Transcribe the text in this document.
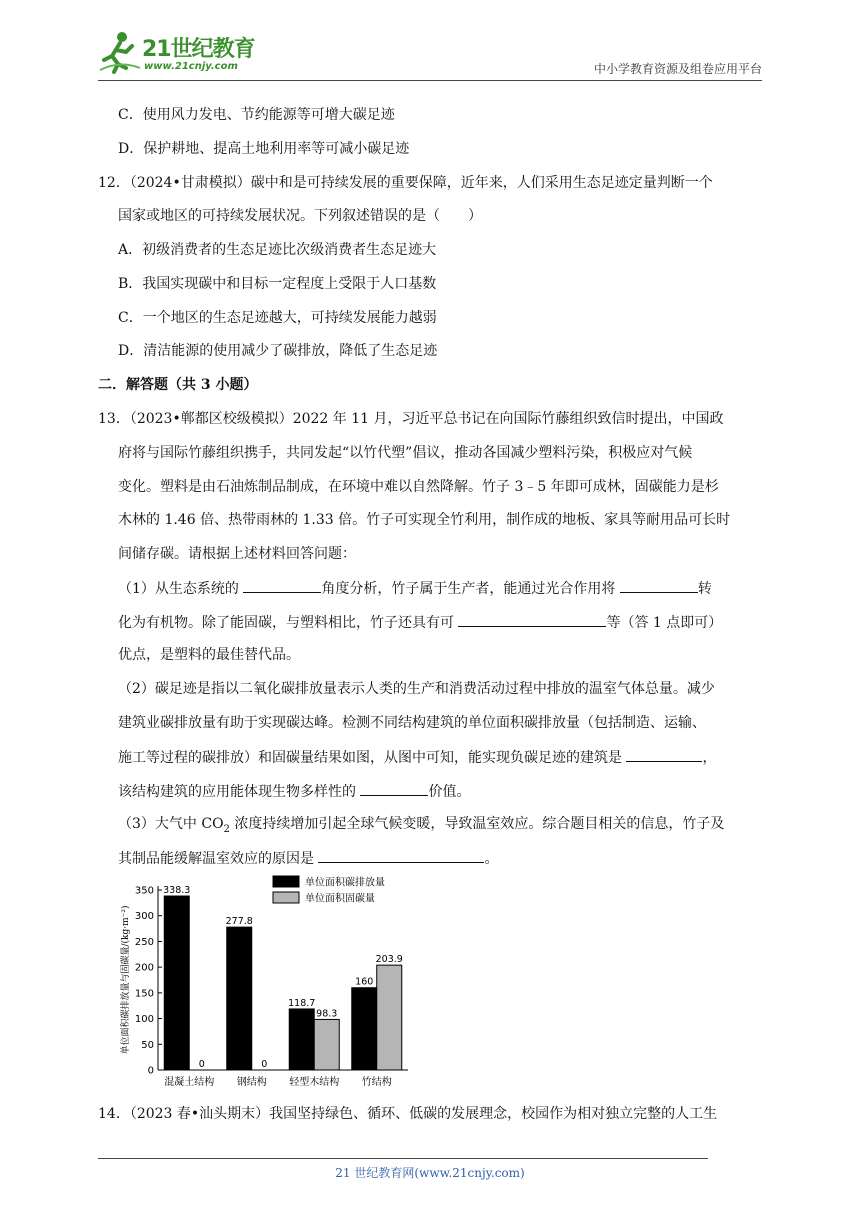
21世纪教育
www.21cnjy.com	中小学教育资源及组卷应用平台
C．使用风力发电、节约能源等可增大碳足迹
D．保护耕地、提高土地利用率等可减小碳足迹
12．（2024•甘肃模拟）碳中和是可持续发展的重要保障，近年来，人们采用生态足迹定量判断一个
国家或地区的可持续发展状况。下列叙述错误的是（　　）
A．初级消费者的生态足迹比次级消费者生态足迹大
B．我国实现碳中和目标一定程度上受限于人口基数
C．一个地区的生态足迹越大，可持续发展能力越弱
D．清洁能源的使用减少了碳排放，降低了生态足迹
二．解答题（共 3 小题）
13．（2023•郸都区校级模拟）2022 年 11 月，习近平总书记在向国际竹藤组织致信时提出，中国政
府将与国际竹藤组织携手，共同发起“以竹代塑”倡议，推动各国减少塑料污染，积极应对气候
变化。塑料是由石油炼制品制成，在环境中难以自然降解。竹子 3﹣5 年即可成林，固碳能力是杉
木林的 1.46 倍、热带雨林的 1.33 倍。竹子可实现全竹利用，制作成的地板、家具等耐用品可长时
间储存碳。请根据上述材料回答问题：
（1）从生态系统的	角度分析，竹子属于生产者，能通过光合作用将	转
化为有机物。除了能固碳，与塑料相比，竹子还具有可	等（答 1 点即可）
优点，是塑料的最佳替代品。
（2）碳足迹是指以二氧化碳排放量表示人类的生产和消费活动过程中排放的温室气体总量。减少
建筑业碳排放量有助于实现碳达峰。检测不同结构建筑的单位面积碳排放量（包括制造、运输、
施工等过程的碳排放）和固碳量结果如图，从图中可知，能实现负碳足迹的建筑是	，
该结构建筑的应用能体现生物多样性的	价值。
（3）大气中 $CO_2$ 浓度持续增加引起全球气候变暖，导致温室效应。综合题目相关的信息，竹子及
其制品能缓解温室效应的原因是	。
单位面积碳排放量与固碳量/(kg·m⁻²)
0
50
100
150
200
250
300
350 338.3
0
混凝土结构
277.8
0
钢结构
118.7
98.3
轻型木结构
160
203.9
竹结构
单位面积碳排放量
单位面积固碳量
14．（2023 春•汕头期末）我国坚持绿色、循环、低碳的发展理念，校园作为相对独立完整的人工生
21 世纪教育网(www.21cnjy.com)
